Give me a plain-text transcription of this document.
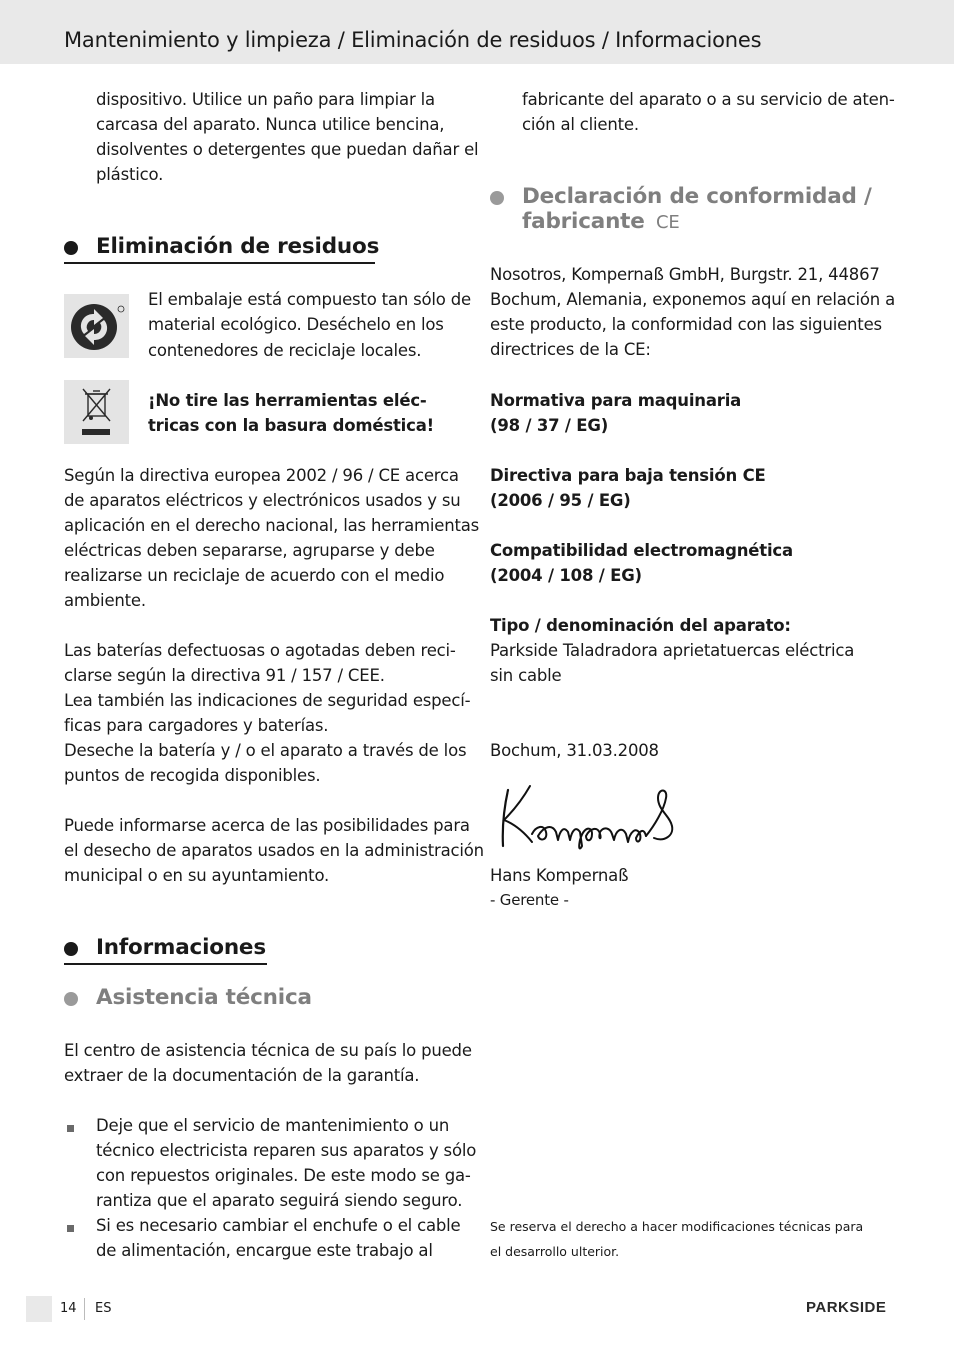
Mantenimiento y limpieza / Eliminación de residuos / Informaciones

dispositivo. Utilice un paño para limpiar la

carcasa del aparato. Nunca utilice bencina,

disolventes o detergentes que puedan dañar el

plástico.

Eliminación de residuos

El embalaje está compuesto tan sólo de

material ecológico. Deséchelo en los

contenedores de reciclaje locales.

¡No tire las herramientas eléc-

tricas con la basura doméstica!

Según la directiva europea 2002 / 96 / CE acerca

de aparatos eléctricos y electrónicos usados y su

aplicación en el derecho nacional, las herramientas

eléctricas deben separarse, agruparse y debe

realizarse un reciclaje de acuerdo con el medio

ambiente.

Las baterías defectuosas o agotadas deben reci-

clarse según la directiva 91 / 157 / CEE.

Lea también las indicaciones de seguridad especí-

ficas para cargadores y baterías.

Deseche la batería y / o el aparato a través de los

puntos de recogida disponibles.

Puede informarse acerca de las posibilidades para

el desecho de aparatos usados en la administración

municipal o en su ayuntamiento.

Informaciones
Asistencia técnica

El centro de asistencia técnica de su país lo puede

extraer de la documentación de la garantía.

Deje que el servicio de mantenimiento o un

técnico electricista reparen sus aparatos y sólo

con repuestos originales. De este modo se ga-

rantiza que el aparato seguirá siendo seguro.

Si es necesario cambiar el enchufe o el cable

de alimentación, encargue este trabajo al

fabricante del aparato o a su servicio de aten-

ción al cliente.

Declaración de conformidad /
fabricante CE

Nosotros, Kompernaß GmbH, Burgstr. 21, 44867

Bochum, Alemania, exponemos aquí en relación a

este producto, la conformidad con las siguientes

directrices de la CE:

Normativa para maquinaria

(98 / 37 / EG)

Directiva para baja tensión CE

(2006 / 95 / EG)

Compatibilidad electromagnética

(2004 / 108 / EG)

Tipo / denominación del aparato:

Parkside Taladradora aprietatuercas eléctrica

sin cable

Bochum, 31.03.2008

Hans Kompernaß

- Gerente -

Se reserva el derecho a hacer modificaciones técnicas para

el desarrollo ulterior.

14 ES	PARKSIDE
